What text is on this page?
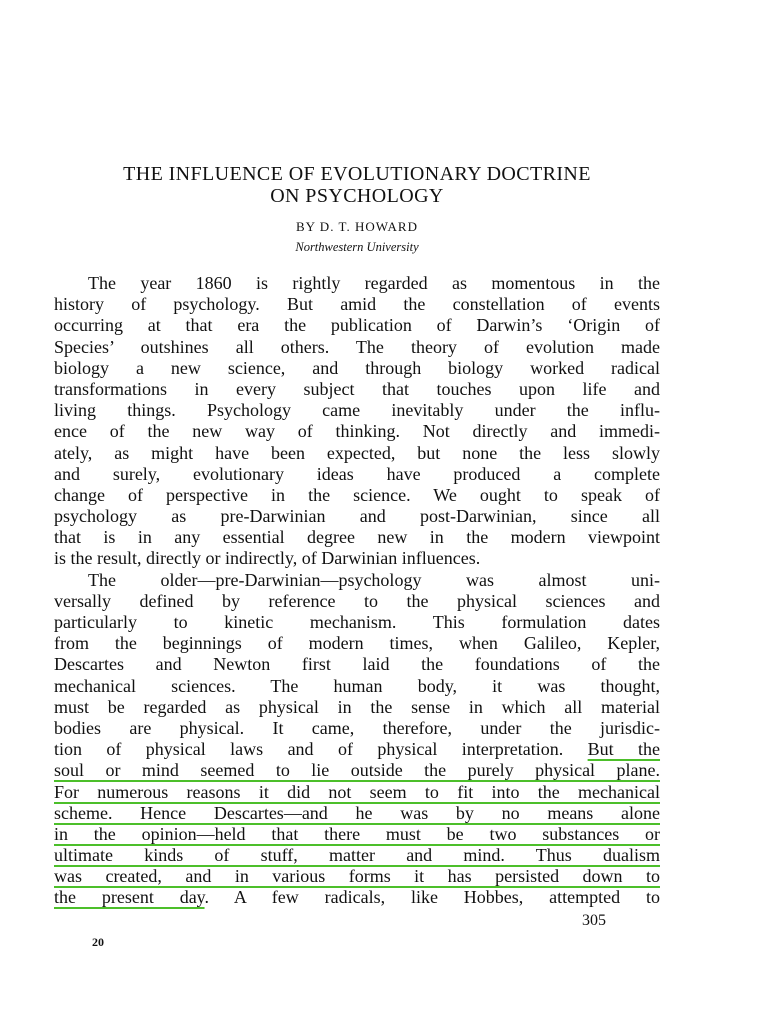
THE INFLUENCE OF EVOLUTIONARY DOCTRINE
ON PSYCHOLOGY
BY D. T. HOWARD
Northwestern University
The year 1860 is rightly regarded as momentous in the
history of psychology. But amid the constellation of events
occurring at that era the publication of Darwin’s ‘Origin of
Species’ outshines all others. The theory of evolution made
biology a new science, and through biology worked radical
transformations in every subject that touches upon life and
living things. Psychology came inevitably under the influ-
ence of the new way of thinking. Not directly and immedi-
ately, as might have been expected, but none the less slowly
and surely, evolutionary ideas have produced a complete
change of perspective in the science. We ought to speak of
psychology as pre-Darwinian and post-Darwinian, since all
that is in any essential degree new in the modern viewpoint
is the result, directly or indirectly, of Darwinian influences.
The older—pre-Darwinian—psychology was almost uni-
versally defined by reference to the physical sciences and
particularly to kinetic mechanism. This formulation dates
from the beginnings of modern times, when Galileo, Kepler,
Descartes and Newton first laid the foundations of the
mechanical sciences. The human body, it was thought,
must be regarded as physical in the sense in which all material
bodies are physical. It came, therefore, under the jurisdic-
tion of physical laws and of physical interpretation. But the
soul or mind seemed to lie outside the purely physical plane.
For numerous reasons it did not seem to fit into the mechanical
scheme. Hence Descartes—and he was by no means alone
in the opinion—held that there must be two substances or
ultimate kinds of stuff, matter and mind. Thus dualism
was created, and in various forms it has persisted down to
the present day. A few radicals, like Hobbes, attempted to
305
20
